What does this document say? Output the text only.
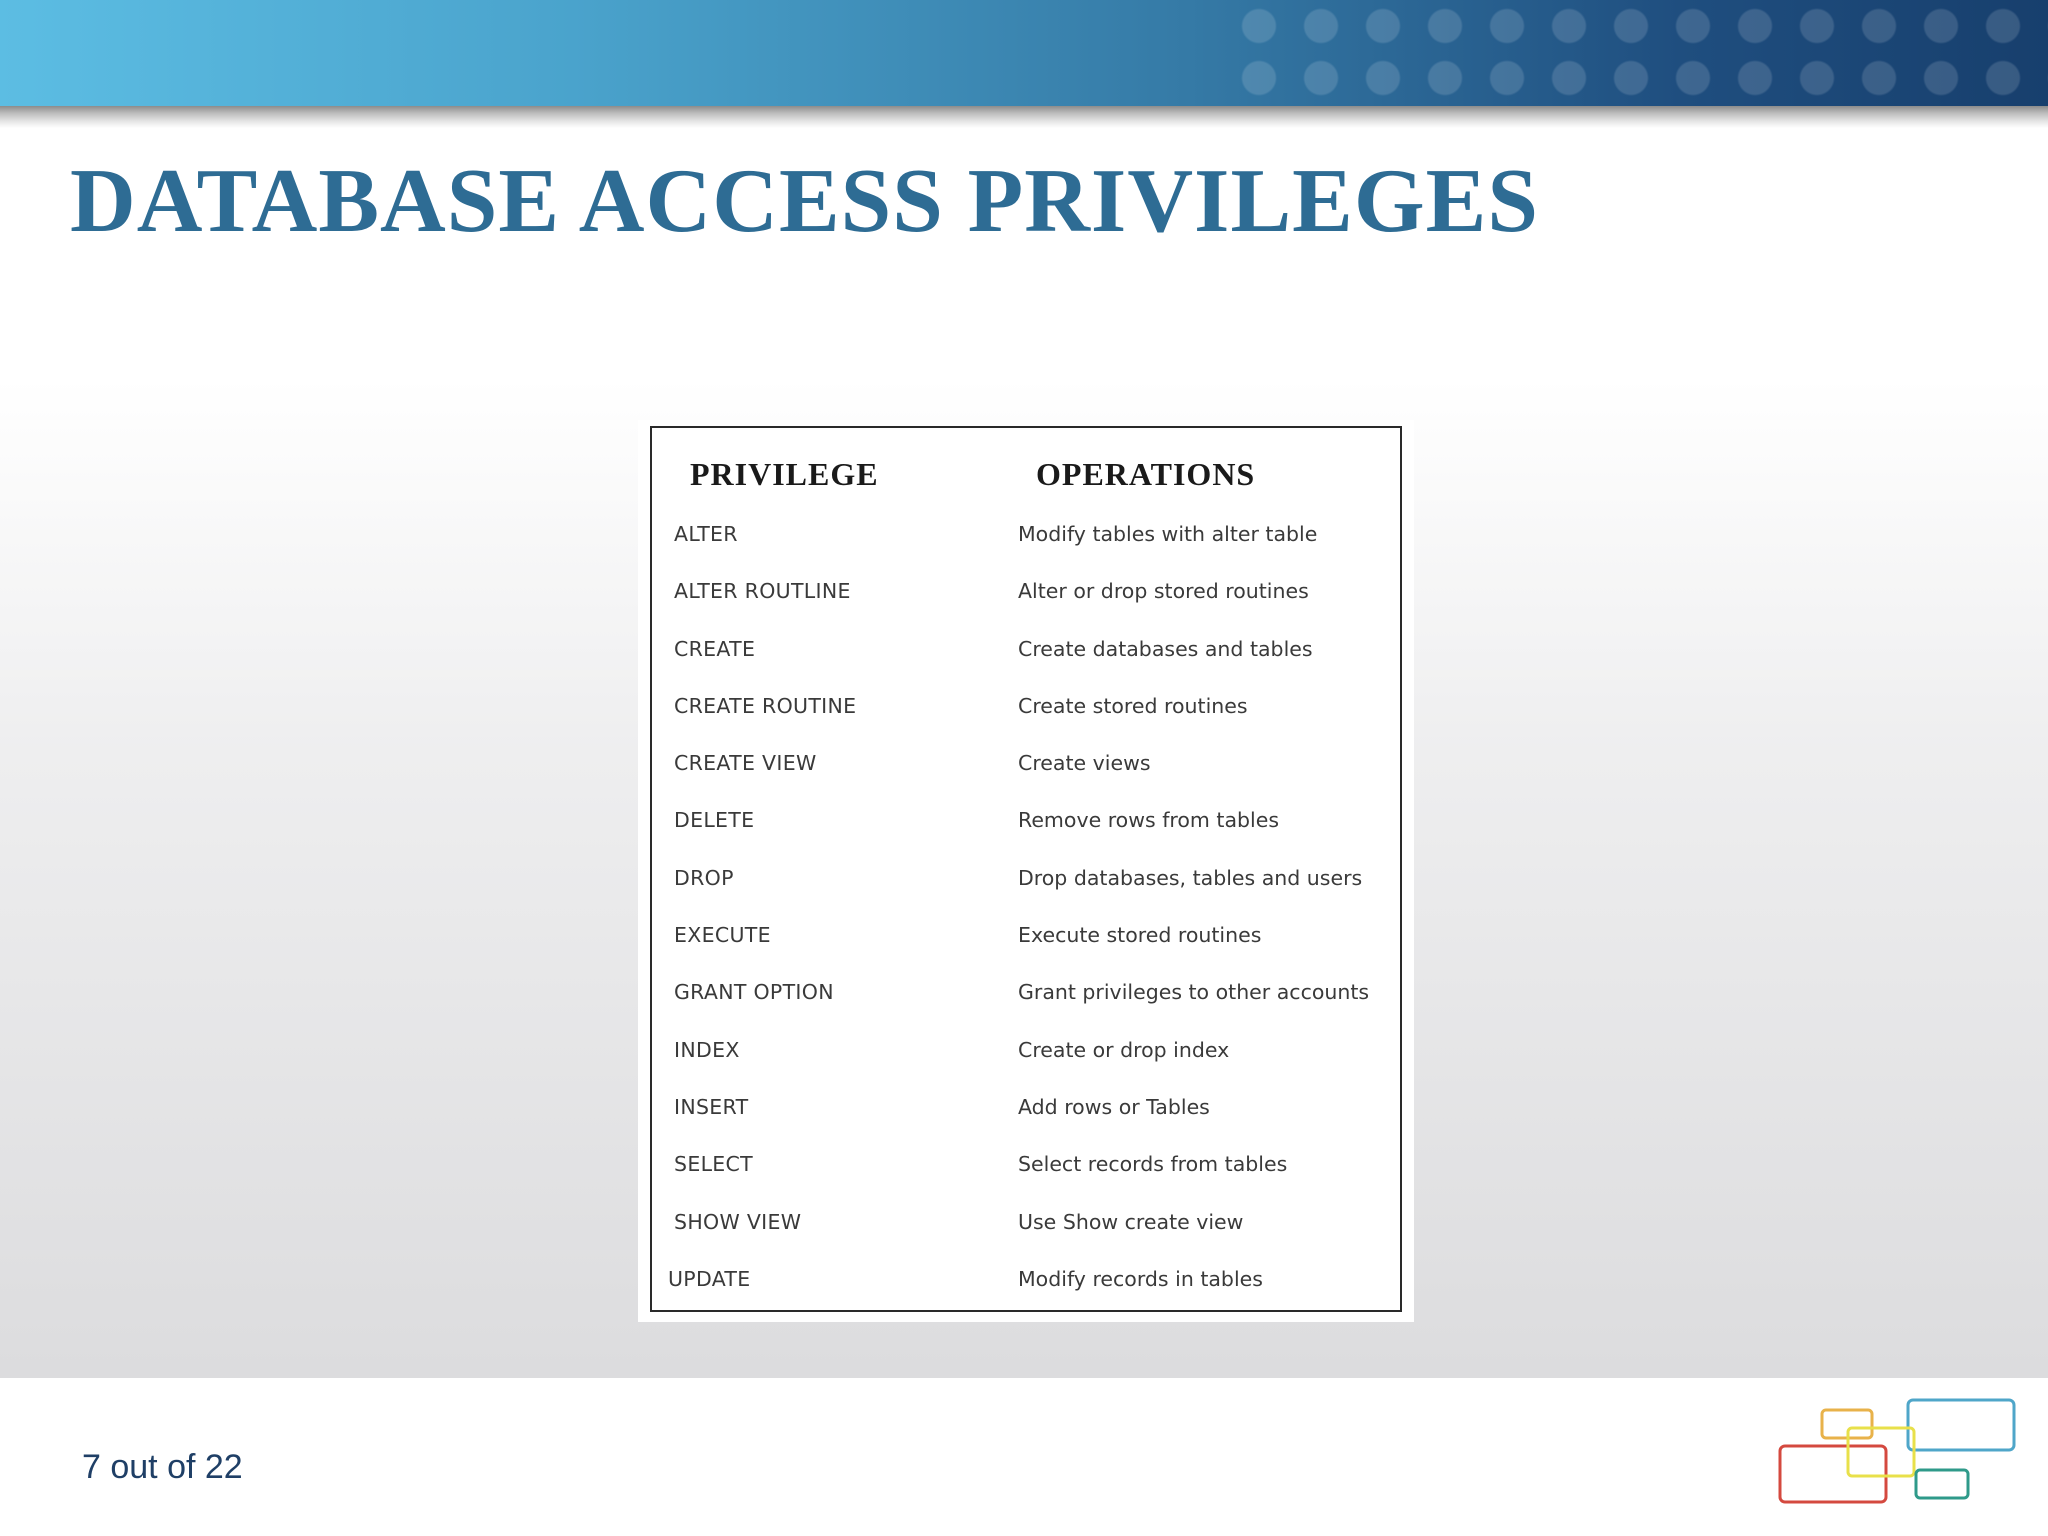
DATABASE ACCESS PRIVILEGES
PRIVILEGE	OPERATIONS
ALTER	Modify tables with alter table
ALTER ROUTLINE	Alter or drop stored routines
CREATE	Create databases and tables
CREATE ROUTINE	Create stored routines
CREATE VIEW	Create views
DELETE	Remove rows from tables
DROP	Drop databases, tables and users
EXECUTE	Execute stored routines
GRANT OPTION	Grant privileges to other accounts
INDEX	Create or drop index
INSERT	Add rows or Tables
SELECT	Select records from tables
SHOW VIEW	Use Show create view
UPDATE	Modify records in tables
7 out of 22
